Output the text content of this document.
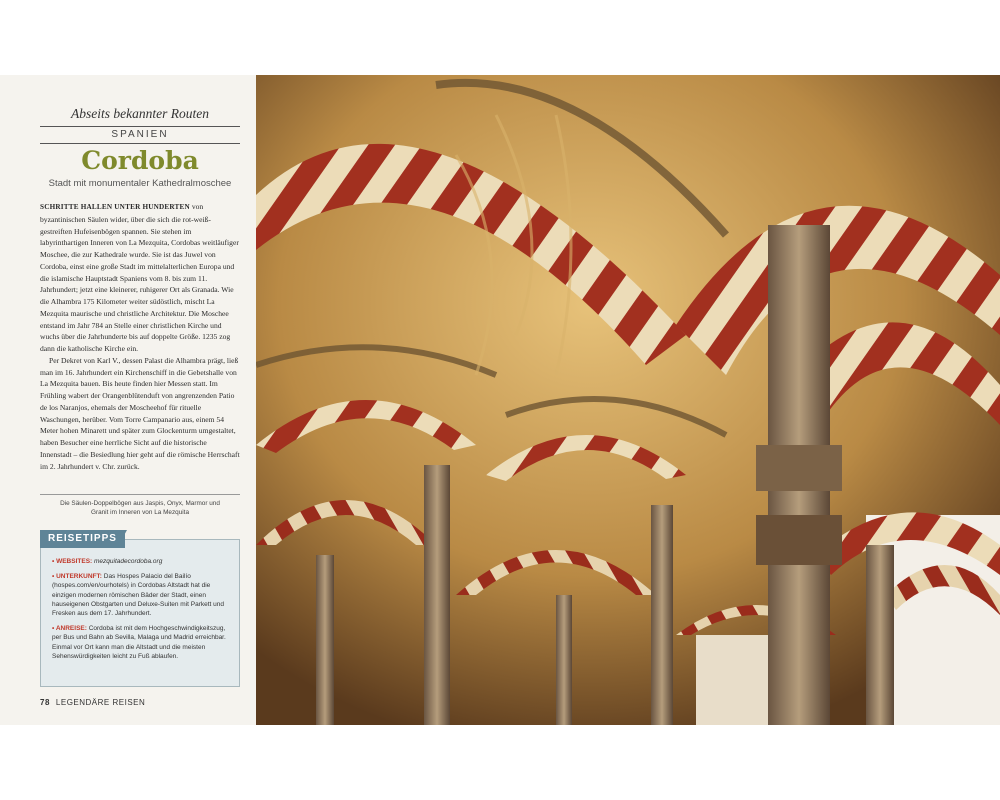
Abseits bekannter Routen
SPANIEN
Cordoba
Stadt mit monumentaler Kathedralmoschee

SCHRITTE HALLEN UNTER HUNDERTEN von byzantinischen Säulen wider, über die sich die rot-weiß-gestreiften Hufeisenbögen spannen. Sie stehen im labyrinthartigen Inneren von La Mezquita, Cordobas weitläufiger Moschee, die zur Kathedrale wurde. Sie ist das Juwel von Cordoba, einst eine große Stadt im mittelalterlichen Europa und die islamische Hauptstadt Spaniens vom 8. bis zum 11. Jahrhundert; jetzt eine kleinerer, ruhigerer Ort als Granada. Wie die Alhambra 175 Kilometer weiter südöstlich, mischt La Mezquita maurische und christliche Architektur. Die Moschee entstand im Jahr 784 an Stelle einer christlichen Kirche und wuchs über die Jahrhunderte bis auf doppelte Größe. 1235 zog dann die katholische Kirche ein.

Per Dekret von Karl V., dessen Palast die Alhambra prägt, ließ man im 16. Jahrhundert ein Kirchenschiff in die Gebetshalle von La Mezquita bauen. Bis heute finden hier Messen statt. Im Frühling wabert der Orangenblütenduft von angrenzenden Patio de los Naranjos, ehemals der Moscheehof für rituelle Waschungen, herüber. Vom Torre Campanario aus, einem 54 Meter hohen Minarett und später zum Glockenturm umgestaltet, haben Besucher eine herrliche Sicht auf die historische Innenstadt – die Besiedlung hier geht auf die römische Herrschaft im 2. Jahrhundert v. Chr. zurück.

Die Säulen-Doppelbögen aus Jaspis, Onyx, Marmor und Granit im Inneren von La Mezquita
REISETIPPS
• WEBSITES: mezquitadecordoba.org
• UNTERKUNFT: Das Hospes Palacio del Bailío (hospes.com/en/ourhotels) in Cordobas Altstadt hat die einzigen modernen römischen Bäder der Stadt, einen hauseigenen Obstgarten und Deluxe-Suiten mit Parkett und Fresken aus dem 17. Jahrhundert.
• ANREISE: Cordoba ist mit dem Hochgeschwindigkeitszug, per Bus und Bahn ab Sevilla, Malaga und Madrid erreichbar. Einmal vor Ort kann man die Altstadt und die meisten Sehenswürdigkeiten leicht zu Fuß ablaufen.
78 LEGENDÄRE REISEN
